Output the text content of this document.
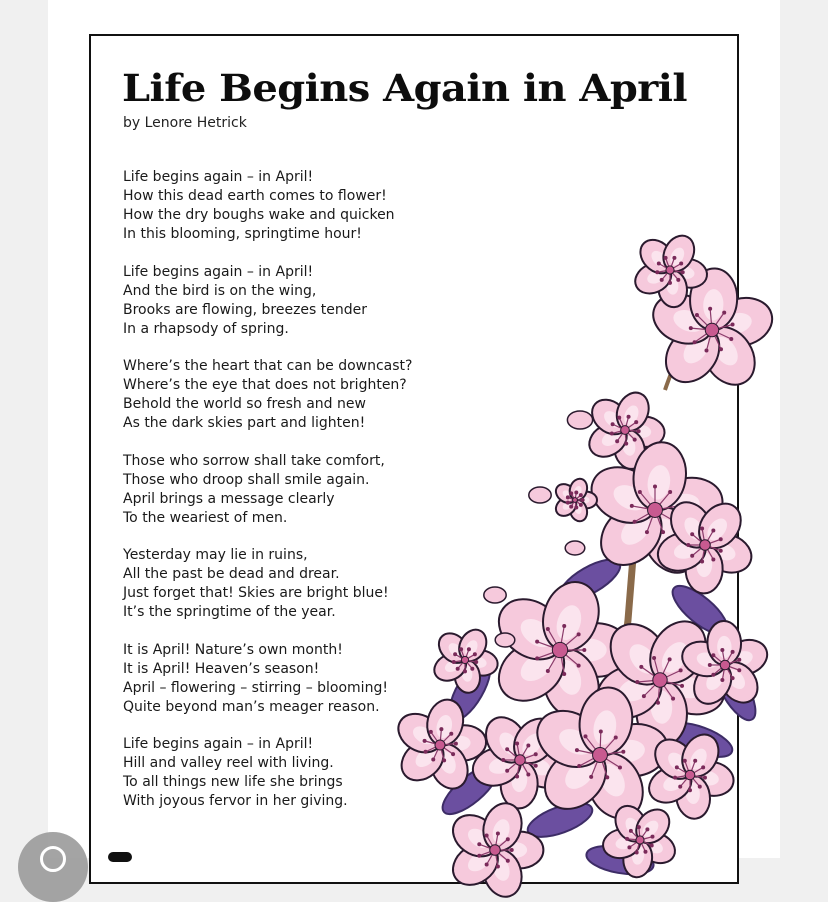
Life Begins Again in April
by Lenore Hetrick
Life begins again – in April!
How this dead earth comes to flower!
How the dry boughs wake and quicken
In this blooming, springtime hour!
Life begins again – in April!
And the bird is on the wing,
Brooks are flowing, breezes tender
In a rhapsody of spring.
Where’s the heart that can be downcast?
Where’s the eye that does not brighten?
Behold the world so fresh and new
As the dark skies part and lighten!
Those who sorrow shall take comfort,
Those who droop shall smile again.
April brings a message clearly
To the weariest of men.
Yesterday may lie in ruins,
All the past be dead and drear.
Just forget that! Skies are bright blue!
It’s the springtime of the year.
It is April! Nature’s own month!
It is April! Heaven’s season!
April – flowering – stirring – blooming!
Quite beyond man’s meager reason.
Life begins again – in April!
Hill and valley reel with living.
To all things new life she brings
With joyous fervor in her giving.
